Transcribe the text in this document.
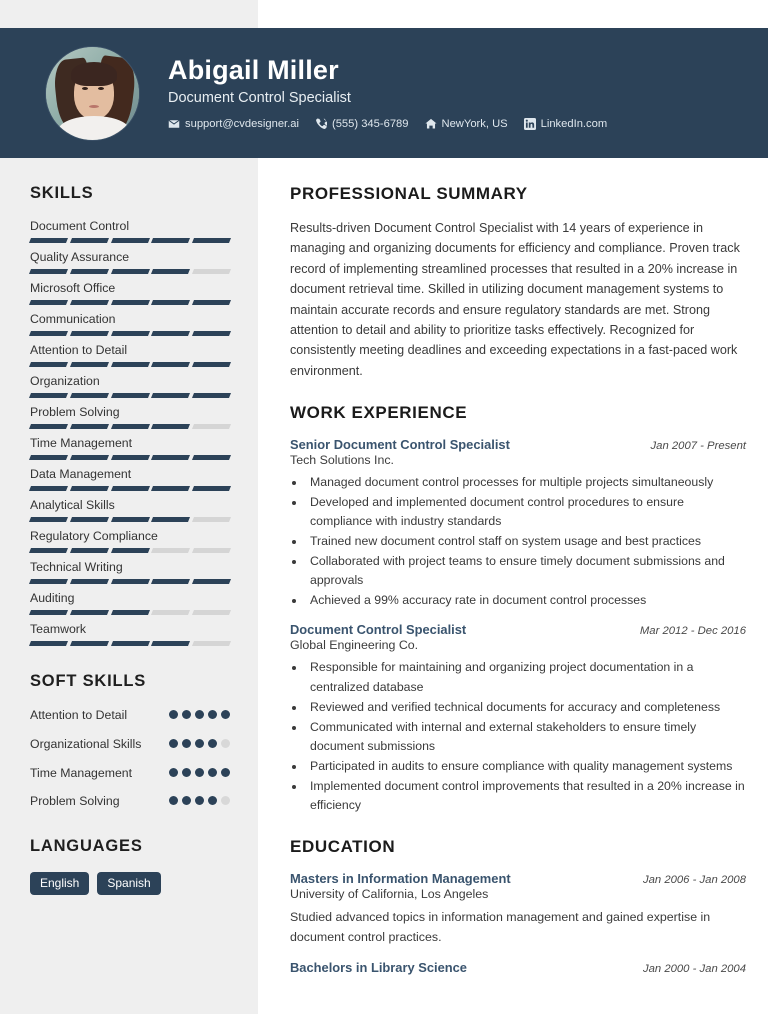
Abigail Miller
Document Control Specialist
support@cvdesigner.ai	(555) 345-6789	NewYork, US	LinkedIn.com
SKILLS
Document Control
Quality Assurance
Microsoft Office
Communication
Attention to Detail
Organization
Problem Solving
Time Management
Data Management
Analytical Skills
Regulatory Compliance
Technical Writing
Auditing
Teamwork
SOFT SKILLS
Attention to Detail
Organizational Skills
Time Management
Problem Solving
LANGUAGES
English	Spanish
PROFESSIONAL SUMMARY
Results-driven Document Control Specialist with 14 years of experience in managing and organizing documents for efficiency and compliance. Proven track record of implementing streamlined processes that resulted in a 20% increase in document retrieval time. Skilled in utilizing document management systems to maintain accurate records and ensure regulatory standards are met. Strong attention to detail and ability to prioritize tasks effectively. Recognized for consistently meeting deadlines and exceeding expectations in a fast-paced work environment.
WORK EXPERIENCE
Senior Document Control Specialist	Jan 2007 - Present
Tech Solutions Inc.
• Managed document control processes for multiple projects simultaneously
• Developed and implemented document control procedures to ensure compliance with industry standards
• Trained new document control staff on system usage and best practices
• Collaborated with project teams to ensure timely document submissions and approvals
• Achieved a 99% accuracy rate in document control processes
Document Control Specialist	Mar 2012 - Dec 2016
Global Engineering Co.
• Responsible for maintaining and organizing project documentation in a centralized database
• Reviewed and verified technical documents for accuracy and completeness
• Communicated with internal and external stakeholders to ensure timely document submissions
• Participated in audits to ensure compliance with quality management systems
• Implemented document control improvements that resulted in a 20% increase in efficiency
EDUCATION
Masters in Information Management	Jan 2006 - Jan 2008
University of California, Los Angeles
Studied advanced topics in information management and gained expertise in document control practices.
Bachelors in Library Science	Jan 2000 - Jan 2004
